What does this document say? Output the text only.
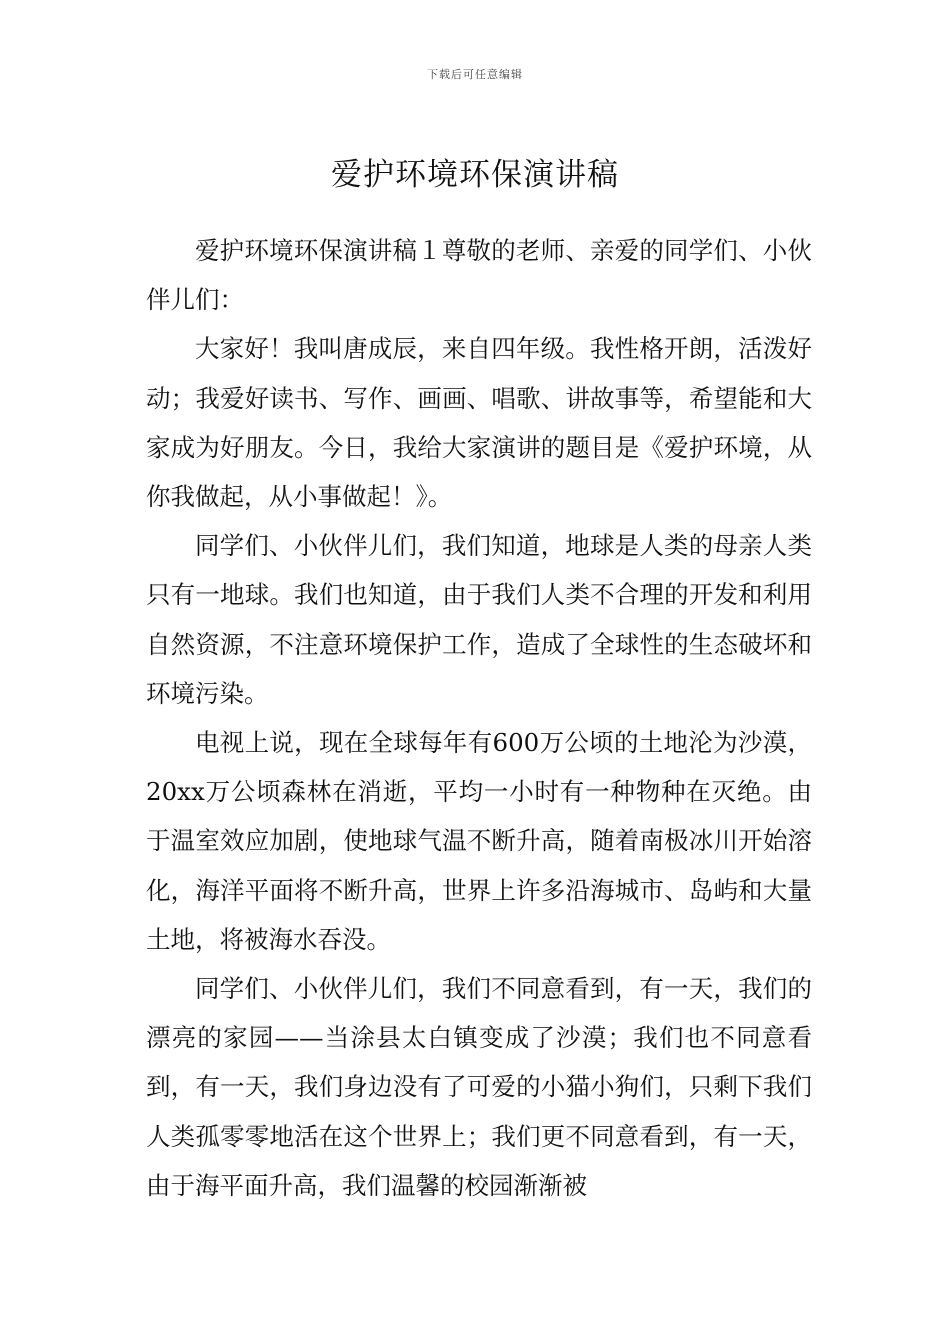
下载后可任意编辑
爱护环境环保演讲稿

爱护环境环保演讲稿１尊敬的老师、亲爱的同学们、小伙伴儿们：

大家好！我叫唐成辰，来自四年级。我性格开朗，活泼好动；我爱好读书、写作、画画、唱歌、讲故事等，希望能和大家成为好朋友。今日，我给大家演讲的题目是《爱护环境，从你我做起，从小事做起！》。

同学们、小伙伴儿们，我们知道，地球是人类的母亲人类只有一地球。我们也知道，由于我们人类不合理的开发和利用自然资源，不注意环境保护工作，造成了全球性的生态破坏和环境污染。

电视上说，现在全球每年有600万公顷的土地沦为沙漠，20xx万公顷森林在消逝，平均一小时有一种物种在灭绝。由于温室效应加剧，使地球气温不断升高，随着南极冰川开始溶化，海洋平面将不断升高，世界上许多沿海城市、岛屿和大量土地，将被海水吞没。

同学们、小伙伴儿们，我们不同意看到，有一天，我们的漂亮的家园——当涂县太白镇变成了沙漠；我们也不同意看到，有一天，我们身边没有了可爱的小猫小狗们，只剩下我们人类孤零零地活在这个世界上；我们更不同意看到，有一天，由于海平面升高，我们温馨的校园渐渐被
